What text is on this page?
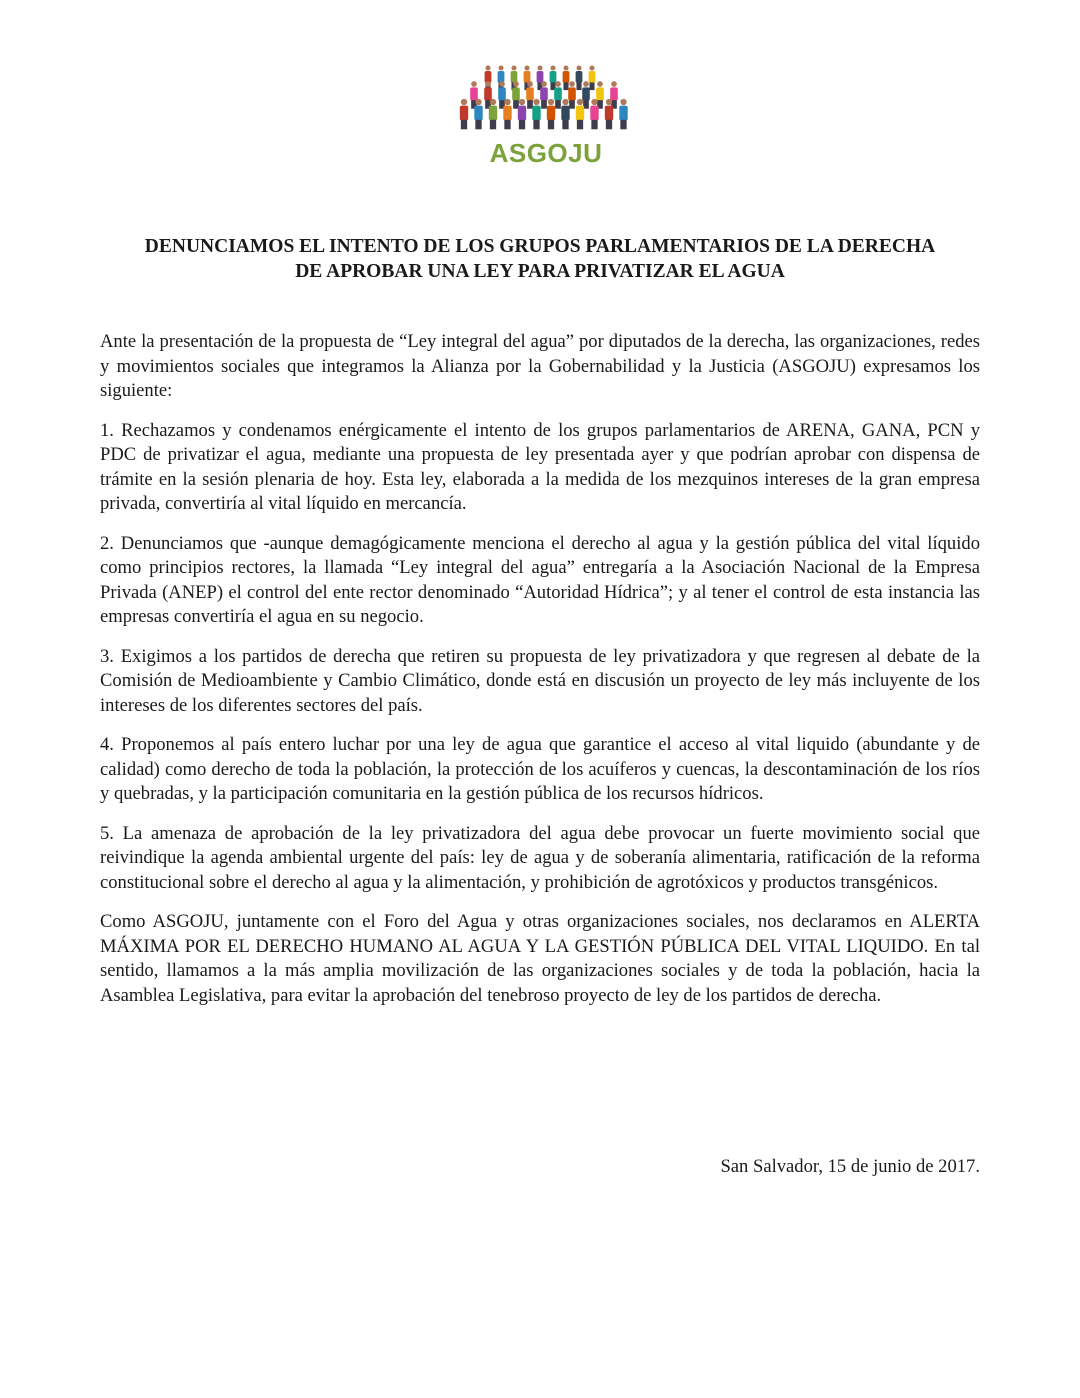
ASGOJU
DENUNCIAMOS EL INTENTO DE LOS GRUPOS PARLAMENTARIOS DE LA DERECHA
DE APROBAR UNA LEY PARA PRIVATIZAR EL AGUA

Ante la presentación de la propuesta de “Ley integral del agua” por diputados de la derecha, las organizaciones, redes y movimientos sociales que integramos la Alianza por la Gobernabilidad y la Justicia (ASGOJU) expresamos los siguiente:

1. Rechazamos y condenamos enérgicamente el intento de los grupos parlamentarios de ARENA, GANA, PCN y PDC de privatizar el agua, mediante una propuesta de ley presentada ayer y que podrían aprobar con dispensa de trámite en la sesión plenaria de hoy. Esta ley, elaborada a la medida de los mezquinos intereses de la gran empresa privada, convertiría al vital líquido en mercancía.

2. Denunciamos que -aunque demagógicamente menciona el derecho al agua y la gestión pública del vital líquido como principios rectores, la llamada “Ley integral del agua” entregaría a la Asociación Nacional de la Empresa Privada (ANEP) el control del ente rector denominado “Autoridad Hídrica”; y al tener el control de esta instancia las empresas convertiría el agua en su negocio.

3. Exigimos a los partidos de derecha que retiren su propuesta de ley privatizadora y que regresen al debate de la Comisión de Medioambiente y Cambio Climático, donde está en discusión un proyecto de ley más incluyente de los intereses de los diferentes sectores del país.

4. Proponemos al país entero luchar por una ley de agua que garantice el acceso al vital liquido (abundante y de calidad) como derecho de toda la población, la protección de los acuíferos y cuencas, la descontaminación de los ríos y quebradas, y la participación comunitaria en la gestión pública de los recursos hídricos.

5. La amenaza de aprobación de la ley privatizadora del agua debe provocar un fuerte movimiento social que reivindique la agenda ambiental urgente del país: ley de agua y de soberanía alimentaria, ratificación de la reforma constitucional sobre el derecho al agua y la alimentación, y prohibición de agrotóxicos y productos transgénicos.

Como ASGOJU, juntamente con el Foro del Agua y otras organizaciones sociales, nos declaramos en ALERTA MÁXIMA POR EL DERECHO HUMANO AL AGUA Y LA GESTIÓN PÚBLICA DEL VITAL LIQUIDO. En tal sentido, llamamos a la más amplia movilización de las organizaciones sociales y de toda la población, hacia la Asamblea Legislativa, para evitar la aprobación del tenebroso proyecto de ley de los partidos de derecha.

San Salvador, 15 de junio de 2017.
